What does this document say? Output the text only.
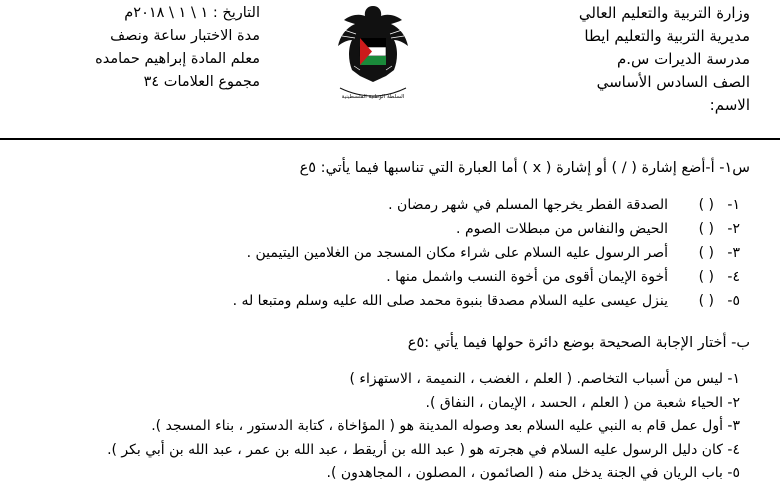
وزارة التربية والتعليم العالي
مديرية التربية والتعليم ايطا
مدرسة الديرات س.م
الصف السادس الأساسي
الاسم:
السلطة الوطنية الفلسطينية
التاريخ : ١ \ ١ \ ٢٠١٨م
مدة الاختبار ساعة ونصف
معلم المادة إبراهيم حمامده
مجموع العلامات ٣٤
س١- أ-أضع إشارة ( / ) أو إشارة ( x ) أما العبارة التي تناسبها فيما يأتي: ٥ع
١-
( )
الصدقة الفطر يخرجها المسلم في شهر رمضان .
٢-
( )
الحيض والنفاس من مبطلات الصوم .
٣-
( )
أصر الرسول عليه السلام على شراء مكان المسجد من الغلامين اليتيمين .
٤-
( )
أخوة الإيمان أقوى من أخوة النسب واشمل منها .
٥-
( )
ينزل عيسى عليه السلام مصدقا بنبوة محمد صلى الله عليه وسلم ومتبعا له .
ب- أختار الإجابة الصحيحة بوضع دائرة حولها فيما يأتي :٥ع
١- ليس من أسباب التخاصم. ( العلم ، الغضب ، النميمة ، الاستهزاء )
٢- الحياء شعبة من ( العلم ، الحسد ، الإيمان ، النفاق ).
٣- أول عمل قام به النبي عليه السلام بعد وصوله المدينة هو ( المؤاخاة ، كتابة الدستور ، بناء المسجد ).
٤- كان دليل الرسول عليه السلام في هجرته هو ( عبد الله بن أريقط ، عبد الله بن عمر ، عبد الله بن أبي بكر ).
٥- باب الريان في الجنة يدخل منه ( الصائمون ، المصلون ، المجاهدون ).
